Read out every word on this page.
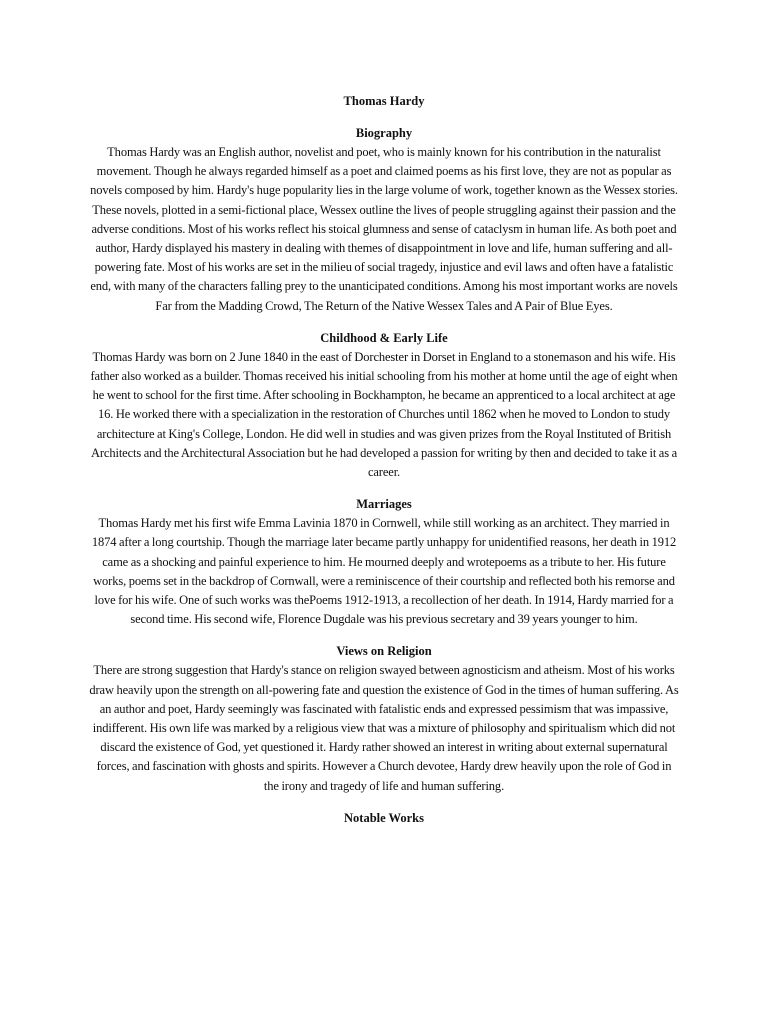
Thomas Hardy
Biography

Thomas Hardy was an English author, novelist and poet, who is mainly known for his contribution in the naturalist movement. Though he always regarded himself as a poet and claimed poems as his first love, they are not as popular as novels composed by him. Hardy's huge popularity lies in the large volume of work, together known as the Wessex stories. These novels, plotted in a semi-fictional place, Wessex outline the lives of people struggling against their passion and the adverse conditions. Most of his works reflect his stoical glumness and sense of cataclysm in human life. As both poet and author, Hardy displayed his mastery in dealing with themes of disappointment in love and life, human suffering and all-powering fate. Most of his works are set in the milieu of social tragedy, injustice and evil laws and often have a fatalistic end, with many of the characters falling prey to the unanticipated conditions. Among his most important works are novels Far from the Madding Crowd, The Return of the Native Wessex Tales and A Pair of Blue Eyes.

Childhood & Early Life

Thomas Hardy was born on 2 June 1840 in the east of Dorchester in Dorset in England to a stonemason and his wife. His father also worked as a builder. Thomas received his initial schooling from his mother at home until the age of eight when he went to school for the first time. After schooling in Bockhampton, he became an apprenticed to a local architect at age 16. He worked there with a specialization in the restoration of Churches until 1862 when he moved to London to study architecture at King's College, London. He did well in studies and was given prizes from the Royal Instituted of British Architects and the Architectural Association but he had developed a passion for writing by then and decided to take it as a career.

Marriages

Thomas Hardy met his first wife Emma Lavinia 1870 in Cornwell, while still working as an architect. They married in 1874 after a long courtship. Though the marriage later became partly unhappy for unidentified reasons, her death in 1912 came as a shocking and painful experience to him. He mourned deeply and wrotepoems as a tribute to her. His future works, poems set in the backdrop of Cornwall, were a reminiscence of their courtship and reflected both his remorse and love for his wife. One of such works was thePoems 1912-1913, a recollection of her death. In 1914, Hardy married for a second time. His second wife, Florence Dugdale was his previous secretary and 39 years younger to him.

Views on Religion

There are strong suggestion that Hardy's stance on religion swayed between agnosticism and atheism. Most of his works draw heavily upon the strength on all-powering fate and question the existence of God in the times of human suffering. As an author and poet, Hardy seemingly was fascinated with fatalistic ends and expressed pessimism that was impassive, indifferent. His own life was marked by a religious view that was a mixture of philosophy and spiritualism which did not discard the existence of God, yet questioned it. Hardy rather showed an interest in writing about external supernatural forces, and fascination with ghosts and spirits. However a Church devotee, Hardy drew heavily upon the role of God in the irony and tragedy of life and human suffering.

Notable Works
